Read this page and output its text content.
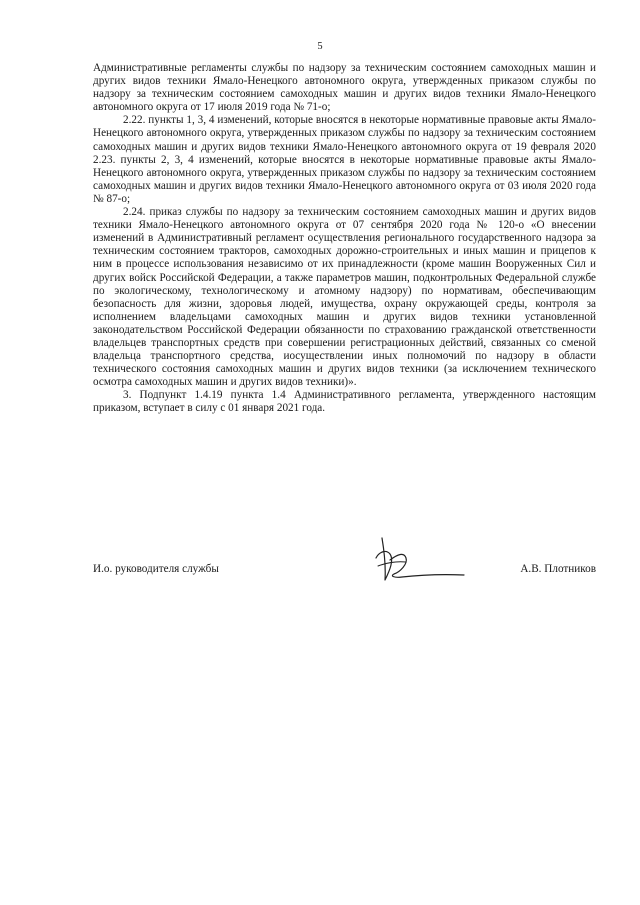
5

Административные регламенты службы по надзору за техническим состоянием самоходных машин и других видов техники Ямало-Ненецкого автономного округа, утвержденных приказом службы по надзору за техническим состоянием самоходных машин и других видов техники Ямало-Ненецкого автономного округа от 17 июля 2019 года № 71-о;

2.22. пункты 1, 3, 4 изменений, которые вносятся в некоторые нормативные правовые акты Ямало-Ненецкого автономного округа, утвержденных приказом службы по надзору за техническим состоянием самоходных машин и других видов техники Ямало-Ненецкого автономного округа от 19 февраля 2020 2.23. пункты 2, 3, 4 изменений, которые вносятся в некоторые нормативные правовые акты Ямало-Ненецкого автономного округа, утвержденных приказом службы по надзору за техническим состоянием самоходных машин и других видов техники Ямало-Ненецкого автономного округа от 03 июля 2020 года № 87-о;

2.24. приказ службы по надзору за техническим состоянием самоходных машин и других видов техники Ямало-Ненецкого автономного округа от 07 сентября 2020 года № 120-о «О внесении изменений в Административный регламент осуществления регионального государственного надзора за техническим состоянием тракторов, самоходных дорожно-строительных и иных машин и прицепов к ним в процессе использования независимо от их принадлежности (кроме машин Вооруженных Сил и других войск Российской Федерации, а также параметров машин, подконтрольных Федеральной службе по экологическому, технологическому и атомному надзору) по нормативам, обеспечивающим безопасность для жизни, здоровья людей, имущества, охрану окружающей среды, контроля за исполнением владельцами самоходных машин и других видов техники установленной законодательством Российской Федерации обязанности по страхованию гражданской ответственности владельцев транспортных средств при совершении регистрационных действий, связанных со сменой владельца транспортного средства, иосуществлении иных полномочий по надзору в области технического состояния самоходных машин и других видов техники (за исключением технического осмотра самоходных машин и других видов техники)».

3. Подпункт 1.4.19 пункта 1.4 Административного регламента, утвержденного настоящим приказом, вступает в силу с 01 января 2021 года.

И.о. руководителя службы	А.В. Плотников
